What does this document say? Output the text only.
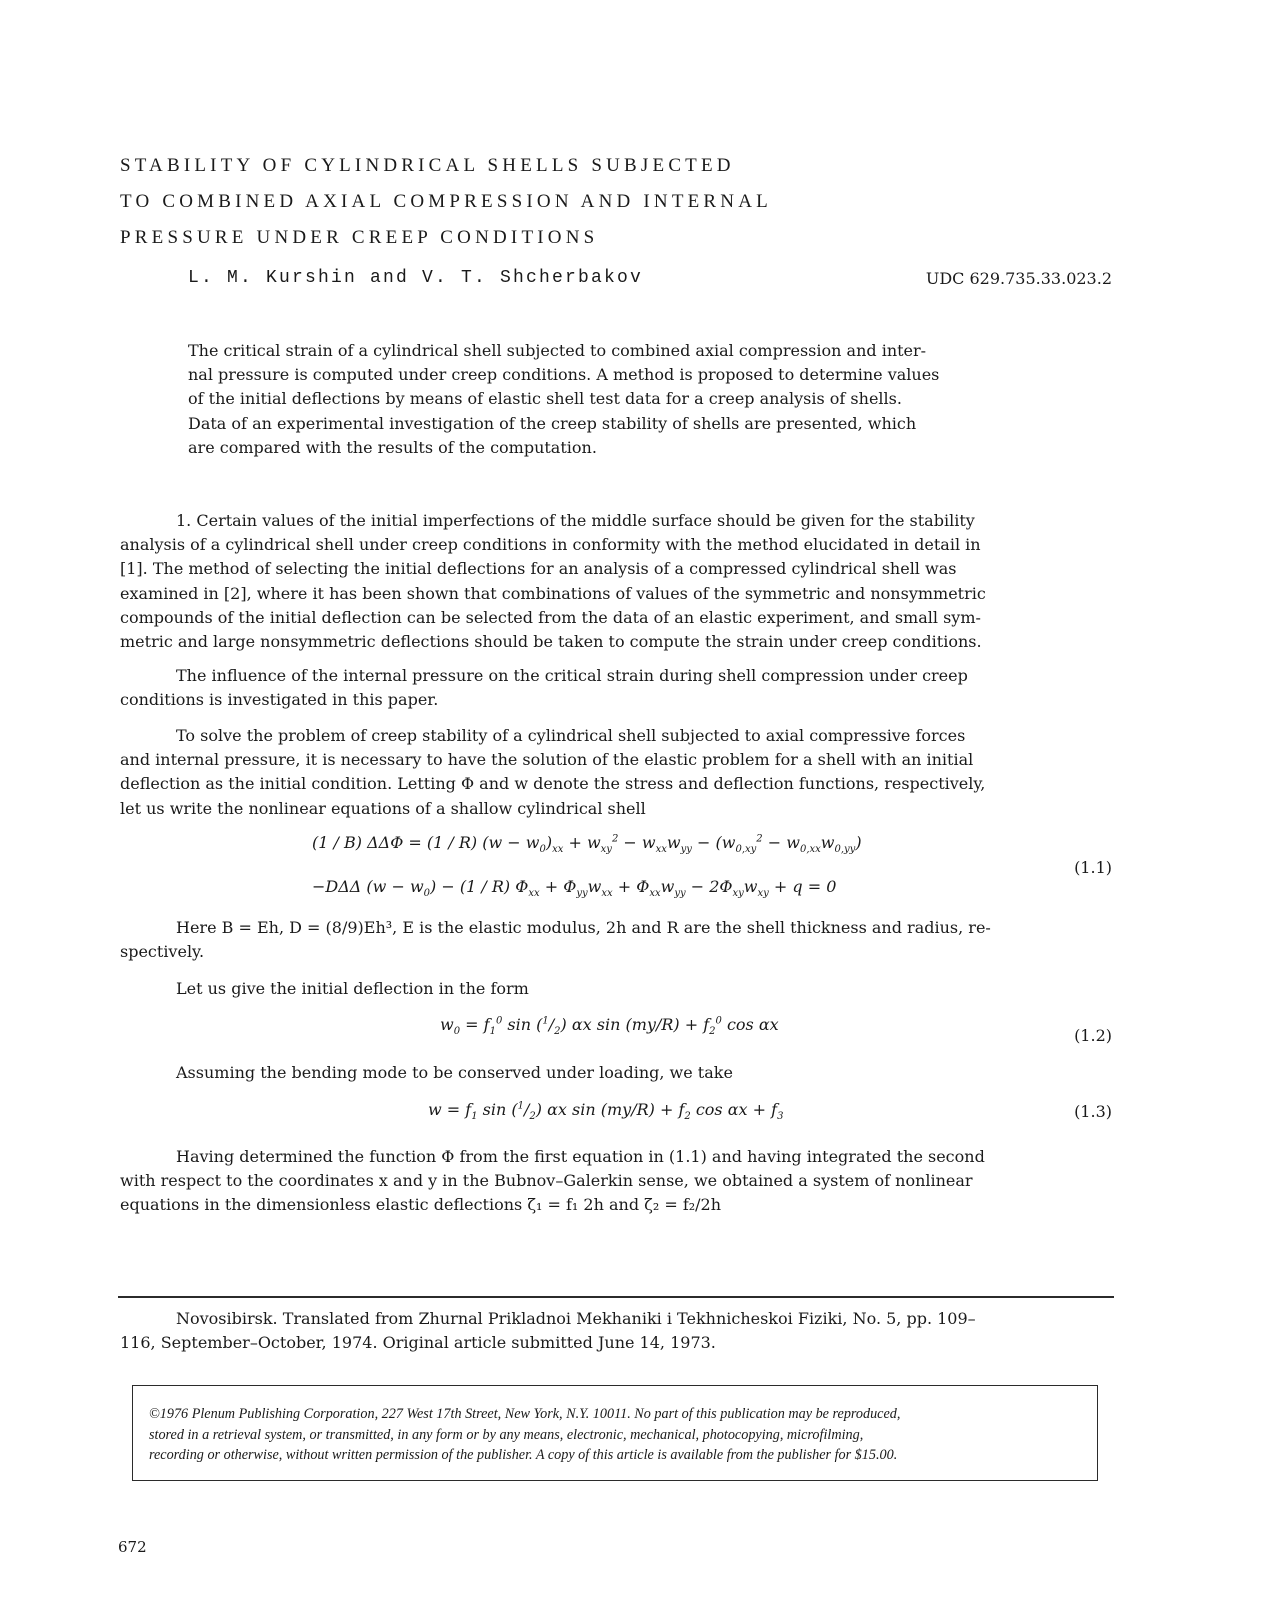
STABILITY OF CYLINDRICAL SHELLS SUBJECTED
TO COMBINED AXIAL COMPRESSION AND INTERNAL
PRESSURE UNDER CREEP CONDITIONS
L. M. Kurshin and V. T. Shcherbakov	UDC 629.735.33.023.2
The critical strain of a cylindrical shell subjected to combined axial compression and inter-
nal pressure is computed under creep conditions. A method is proposed to determine values
of the initial deflections by means of elastic shell test data for a creep analysis of shells.
Data of an experimental investigation of the creep stability of shells are presented, which
are compared with the results of the computation.
1. Certain values of the initial imperfections of the middle surface should be given for the stability
analysis of a cylindrical shell under creep conditions in conformity with the method elucidated in detail in
[1]. The method of selecting the initial deflections for an analysis of a compressed cylindrical shell was
examined in [2], where it has been shown that combinations of values of the symmetric and nonsymmetric
compounds of the initial deflection can be selected from the data of an elastic experiment, and small sym-
metric and large nonsymmetric deflections should be taken to compute the strain under creep conditions.
The influence of the internal pressure on the critical strain during shell compression under creep
conditions is investigated in this paper.
To solve the problem of creep stability of a cylindrical shell subjected to axial compressive forces
and internal pressure, it is necessary to have the solution of the elastic problem for a shell with an initial
deflection as the initial condition. Letting Φ and w denote the stress and deflection functions, respectively,
let us write the nonlinear equations of a shallow cylindrical shell
(1 / B) ΔΔΦ = (1 / R) $(w - w_0)_{xx} + w_{xy}^2 - w_{xx}w_{yy} - (w_{0,xy}^2 - w_{0,xx}w_{0,yy})$
−DΔΔ $(w - w_0) - (1 / R)$ $\Phi_{xx} + \Phi_{yy}w_{xx} + \Phi_{xx}w_{yy} - 2\Phi_{xy}w_{xy} + q = 0$
(1.1)
Here B = Eh, D = (8/9)Eh³, E is the elastic modulus, 2h and R are the shell thickness and radius, re-
spectively.
Let us give the initial deflection in the form
$w_0 = f_1^0$ $\sin (^1/_2)$ αx $\sin (my/R) + f_2^0$ cos αx
(1.2)
Assuming the bending mode to be conserved under loading, we take
$w = f_1$ $\sin (^1/_2)$ αx $\sin (my/R) + f_2$ $\cos \alpha x + f_3$	(1.3)
Having determined the function Φ from the first equation in (1.1) and having integrated the second
with respect to the coordinates x and y in the Bubnov–Galerkin sense, we obtained a system of nonlinear
equations in the dimensionless elastic deflections ζ₁ = f₁ 2h and ζ₂ = f₂/2h
Novosibirsk. Translated from Zhurnal Prikladnoi Mekhaniki i Tekhnicheskoi Fiziki, No. 5, pp. 109–
116, September–October, 1974. Original article submitted June 14, 1973.
©1976 Plenum Publishing Corporation, 227 West 17th Street, New York, N.Y. 10011. No part of this publication may be reproduced,
stored in a retrieval system, or transmitted, in any form or by any means, electronic, mechanical, photocopying, microfilming,
recording or otherwise, without written permission of the publisher. A copy of this article is available from the publisher for $15.00.
672
